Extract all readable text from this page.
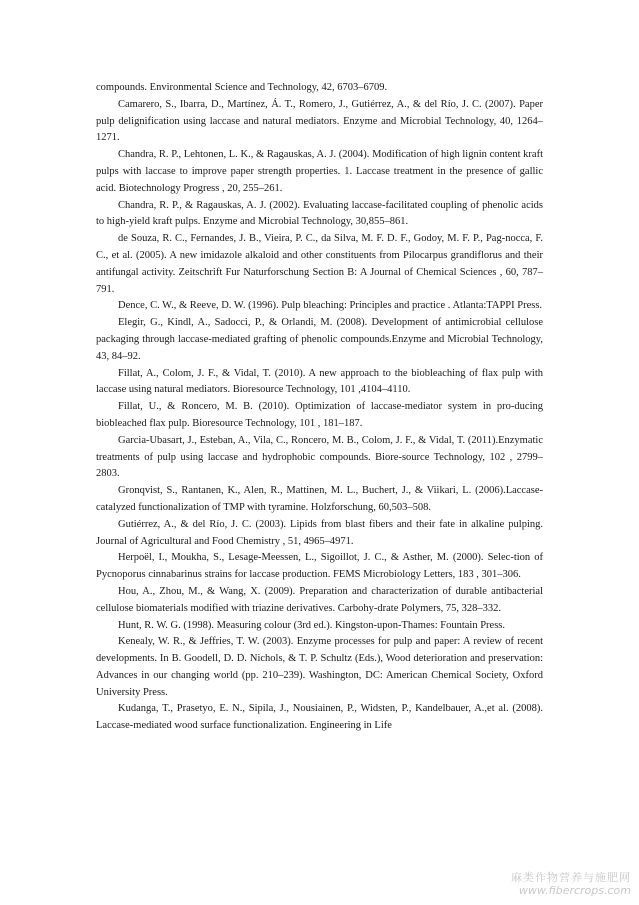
compounds. Environmental Science and Technology, 42, 6703–6709.

Camarero, S., Ibarra, D., Martínez, Á. T., Romero, J., Gutiérrez, A., & del Río, J. C. (2007). Paper pulp delignification using laccase and natural mediators. Enzyme and Microbial Technology, 40, 1264–1271.

Chandra, R. P., Lehtonen, L. K., & Ragauskas, A. J. (2004). Modification of high lignin content kraft pulps with laccase to improve paper strength properties. 1. Laccase treatment in the presence of gallic acid. Biotechnology Progress , 20, 255–261.

Chandra, R. P., & Ragauskas, A. J. (2002). Evaluating laccase-facilitated coupling of phenolic acids to high-yield kraft pulps. Enzyme and Microbial Technology, 30,855–861.

de Souza, R. C., Fernandes, J. B., Vieira, P. C., da Silva, M. F. D. F., Godoy, M. F. P., Pag-nocca, F. C., et al. (2005). A new imidazole alkaloid and other constituents from Pilocarpus grandiflorus and their antifungal activity. Zeitschrift Fur Naturforschung Section B: A Journal of Chemical Sciences , 60, 787–791.

Dence, C. W., & Reeve, D. W. (1996). Pulp bleaching: Principles and practice . Atlanta:TAPPI Press.

Elegir, G., Kindl, A., Sadocci, P., & Orlandi, M. (2008). Development of antimicrobial cellulose packaging through laccase-mediated grafting of phenolic compounds.Enzyme and Microbial Technology, 43, 84–92.

Fillat, A., Colom, J. F., & Vidal, T. (2010). A new approach to the biobleaching of flax pulp with laccase using natural mediators. Bioresource Technology, 101 ,4104–4110.

Fillat, U., & Roncero, M. B. (2010). Optimization of laccase-mediator system in pro-ducing biobleached flax pulp. Bioresource Technology, 101 , 181–187.

Garcia-Ubasart, J., Esteban, A., Vila, C., Roncero, M. B., Colom, J. F., & Vidal, T. (2011).Enzymatic treatments of pulp using laccase and hydrophobic compounds. Biore-source Technology, 102 , 2799–2803.

Gronqvist, S., Rantanen, K., Alen, R., Mattinen, M. L., Buchert, J., & Viikari, L. (2006).Laccase-catalyzed functionalization of TMP with tyramine. Holzforschung, 60,503–508.

Gutiérrez, A., & del Río, J. C. (2003). Lipids from blast fibers and their fate in alkaline pulping. Journal of Agricultural and Food Chemistry , 51, 4965–4971.

Herpoël, I., Moukha, S., Lesage-Meessen, L., Sigoillot, J. C., & Asther, M. (2000). Selec-tion of Pycnoporus cinnabarinus strains for laccase production. FEMS Microbiology Letters, 183 , 301–306.

Hou, A., Zhou, M., & Wang, X. (2009). Preparation and characterization of durable antibacterial cellulose biomaterials modified with triazine derivatives. Carbohy-drate Polymers, 75, 328–332.

Hunt, R. W. G. (1998). Measuring colour (3rd ed.). Kingston-upon-Thames: Fountain Press.

Kenealy, W. R., & Jeffries, T. W. (2003). Enzyme processes for pulp and paper: A review of recent developments. In B. Goodell, D. D. Nichols, & T. P. Schultz (Eds.), Wood deterioration and preservation: Advances in our changing world (pp. 210–239). Washington, DC: American Chemical Society, Oxford University Press.

Kudanga, T., Prasetyo, E. N., Sipila, J., Nousiainen, P., Widsten, P., Kandelbauer, A.,et al. (2008). Laccase-mediated wood surface functionalization. Engineering in Life

麻类作物营养与施肥网
www.fibercrops.com
